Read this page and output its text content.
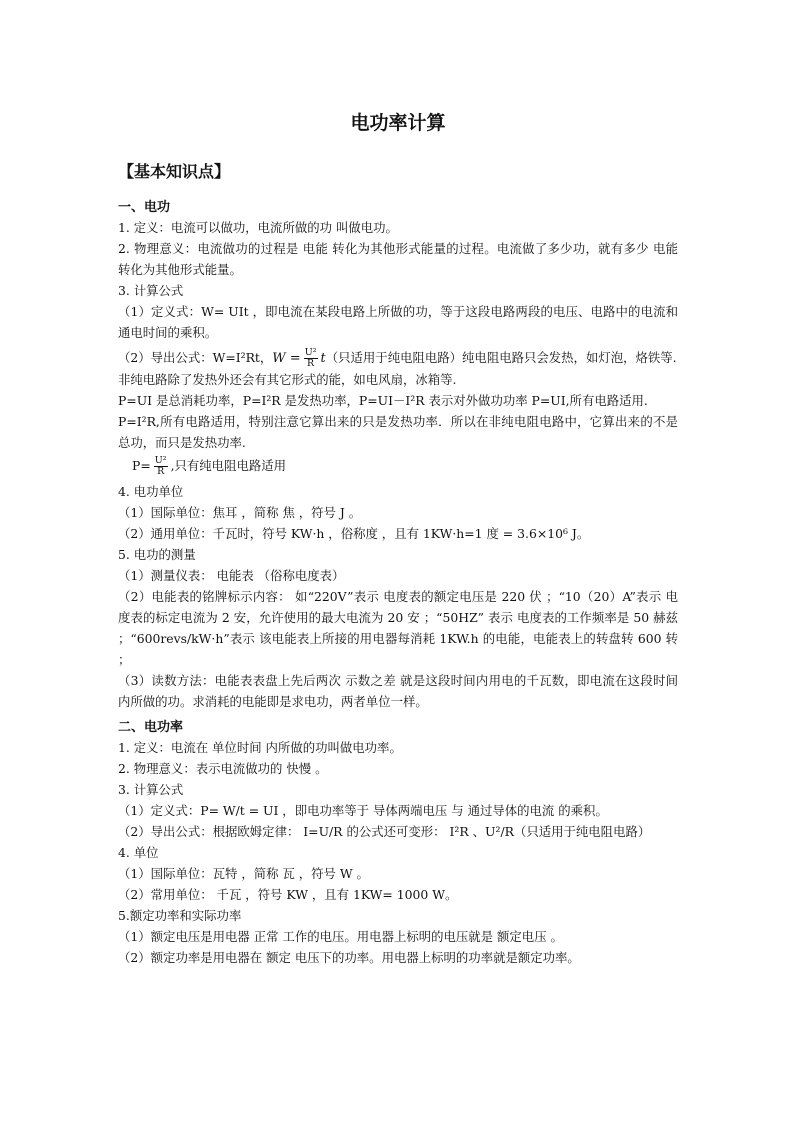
电功率计算
【基本知识点】
一、电功

1. 定义：电流可以做功，电流所做的功 叫做电功。

2. 物理意义：电流做功的过程是 电能 转化为其他形式能量的过程。电流做了多少功，就有多少 电能 转化为其他形式能量。

3. 计算公式

（1）定义式：W= UIt ，即电流在某段电路上所做的功，等于这段电路两段的电压、电路中的电流和通电时间的乘积。

（2）导出公式：W=I²Rt，$W = \frac{\text{U²}}{R} t$（只适用于纯电阻电路）纯电阻电路只会发热，如灯泡，烙铁等.

非纯电路除了发热外还会有其它形式的能，如电风扇，冰箱等.

P=UI 是总消耗功率，P=I²R 是发热功率，P=UI－I²R 表示对外做功功率 P=UI,所有电路适用.

P=I²R,所有电路适用，特别注意它算出来的只是发热功率．所以在非纯电阻电路中，它算出来的不是总功，而只是发热功率.

$P= \frac{\text{U²}}{R}$ ,只有纯电阻电路适用

4. 电功单位

（1）国际单位：焦耳 ，简称 焦 ，符号 J 。

（2）通用单位：千瓦时，符号 KW·h ，俗称度 ，且有 1KW·h=1 度 = 3.6×10⁶ J。

5. 电功的测量

（1）测量仪表： 电能表 （俗称电度表）

（2）电能表的铭牌标示内容： 如“220V”表示 电度表的额定电压是 220 伏 ；“10（20）A”表示 电度表的标定电流为 2 安，允许使用的最大电流为 20 安 ；“50HZ” 表示 电度表的工作频率是 50 赫兹 ；“600revs/kW·h”表示 该电能表上所接的用电器每消耗 1KW.h 的电能，电能表上的转盘转 600 转 ；

（3）读数方法：电能表表盘上先后两次 示数之差 就是这段时间内用电的千瓦数，即电流在这段时间内所做的功。求消耗的电能即是求电功，两者单位一样。

二、电功率

1. 定义：电流在 单位时间 内所做的功叫做电功率。

2. 物理意义：表示电流做功的 快慢 。

3. 计算公式

（1）定义式：P= W/t = UI ，即电功率等于 导体两端电压 与 通过导体的电流 的乘积。

（2）导出公式：根据欧姆定律： I=U/R 的公式还可变形： I²R 、U²/R（只适用于纯电阻电路）

4. 单位

（1）国际单位：瓦特 ，简称 瓦 ，符号 W 。

（2）常用单位： 千瓦 ，符号 KW ，且有 1KW= 1000 W。

5.额定功率和实际功率

（1）额定电压是用电器 正常 工作的电压。用电器上标明的电压就是 额定电压 。

（2）额定功率是用电器在 额定 电压下的功率。用电器上标明的功率就是额定功率。
